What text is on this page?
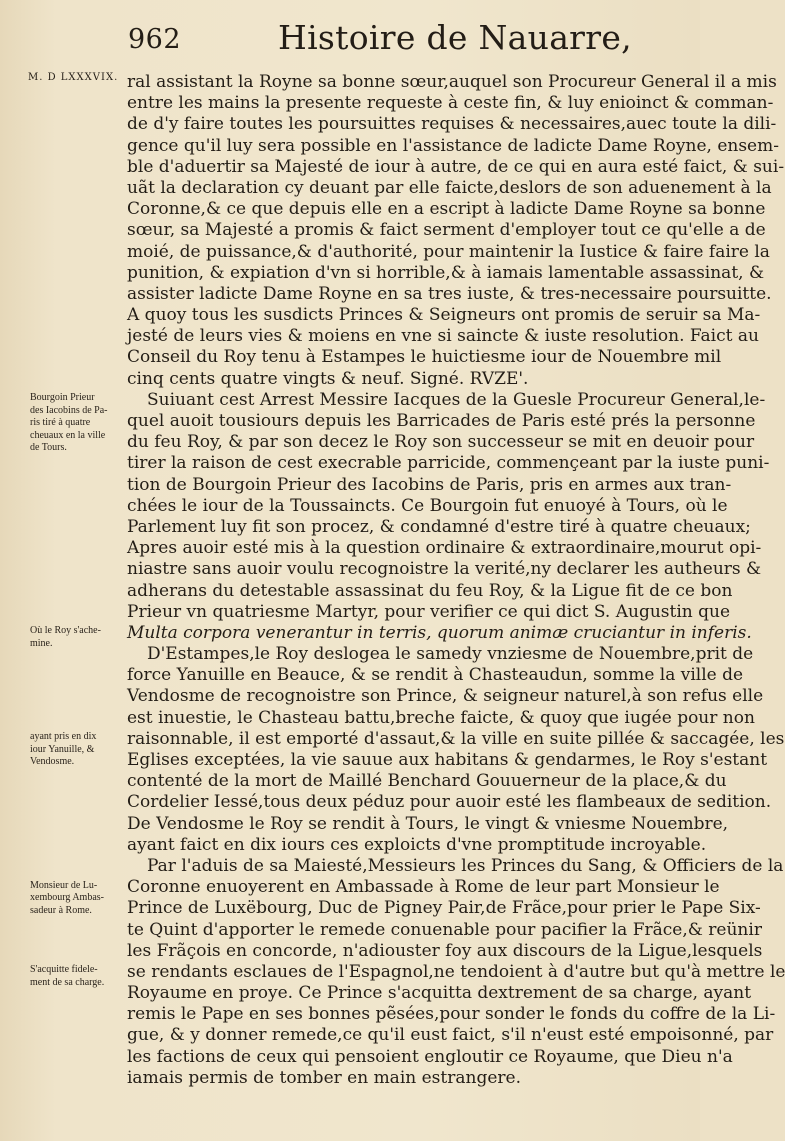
962	Histoire de Nauarre,
M. D LXXXVIX. ral assistant la Royne sa bonne sœur,auquel son Procureur General il a mis
entre les mains la presente requeste à ceste fin, & luy enioinct & comman-
de d'y faire toutes les poursuittes requises & necessaires,auec toute la dili-
gence qu'il luy sera possible en l'assistance de ladicte Dame Royne, ensem-
ble d'aduertir sa Majesté de iour à autre, de ce qui en aura esté faict, & sui-
uãt la declaration cy deuant par elle faicte,deslors de son aduenement à la
Coronne,& ce que depuis elle en a escript à ladicte Dame Royne sa bonne
sœur, sa Majesté a promis & faict serment d'employer tout ce qu'elle a de
moié, de puissance,& d'authorité, pour maintenir la Iustice & faire faire la
punition, & expiation d'vn si horrible,& à iamais lamentable assassinat, &
assister ladicte Dame Royne en sa tres iuste, & tres-necessaire poursuitte.
A quoy tous les susdicts Princes & Seigneurs ont promis de seruir sa Ma-
jesté de leurs vies & moiens en vne si saincte & iuste resolution. Faict au
Conseil du Roy tenu à Estampes le huictiesme iour de Nouembre mil
cinq cents quatre vingts & neuf. Signé. RVZE'.
Suiuant cest Arrest Messire Iacques de la Guesle Procureur General,le-
quel auoit tousiours depuis les Barricades de Paris esté prés la personne
du feu Roy, & par son decez le Roy son successeur se mit en deuoir pour
tirer la raison de cest execrable parricide, commençeant par la iuste puni-
tion de Bourgoin Prieur des Iacobins de Paris, pris en armes aux tran-
chées le iour de la Toussaincts. Ce Bourgoin fut enuoyé à Tours, où le
Parlement luy fit son procez, & condamné d'estre tiré à quatre cheuaux;
Apres auoir esté mis à la question ordinaire & extraordinaire,mourut opi-
niastre sans auoir voulu recognoistre la verité,ny declarer les autheurs &
adherans du detestable assassinat du feu Roy, & la Ligue fit de ce bon
Prieur vn quatriesme Martyr, pour verifier ce qui dict S. Augustin que
Multa corpora venerantur in terris, quorum animæ cruciantur in inferis.
D'Estampes,le Roy deslogea le samedy vnziesme de Nouembre,prit de
force Yanuille en Beauce, & se rendit à Chasteaudun, somme la ville de
Vendosme de recognoistre son Prince, & seigneur naturel,à son refus elle
est inuestie, le Chasteau battu,breche faicte, & quoy que iugée pour non
raisonnable, il est emporté d'assaut,& la ville en suite pillée & saccagée, les
Eglises exceptées, la vie sauue aux habitans & gendarmes, le Roy s'estant
contenté de la mort de Maillé Benchard Gouuerneur de la place,& du
Cordelier Iessé,tous deux péduz pour auoir esté les flambeaux de sedition.
De Vendosme le Roy se rendit à Tours, le vingt & vniesme Nouembre,
ayant faict en dix iours ces exploicts d'vne promptitude incroyable.
Par l'aduis de sa Maiesté,Messieurs les Princes du Sang, & Officiers de la
Coronne enuoyerent en Ambassade à Rome de leur part Monsieur le
Prince de Luxëbourg, Duc de Pigney Pair,de Frãce,pour prier le Pape Six-
te Quint d'apporter le remede conuenable pour pacifier la Frãce,& reünir
les Frãçois en concorde, n'adiouster foy aux discours de la Ligue,lesquels
se rendants esclaues de l'Espagnol,ne tendoient à d'autre but qu'à mettre le
Royaume en proye. Ce Prince s'acquitta dextrement de sa charge, ayant
remis le Pape en ses bonnes pẽsées,pour sonder le fonds du coffre de la Li-
gue, & y donner remede,ce qu'il eust faict, s'il n'eust esté empoisonné, par
les factions de ceux qui pensoient engloutir ce Royaume, que Dieu n'a
iamais permis de tomber en main estrangere.
Bourgoin Prieur
des Iacobins de Pa-
ris tiré à quatre
cheuaux en la ville
de Tours.
Où le Roy s'ache-
mine.
ayant pris en dix
iour Yanuille, &
Vendosme.
Monsieur de Lu-
xembourg Ambas-
sadeur à Rome.
S'acquitte fidele-
ment de sa charge.
